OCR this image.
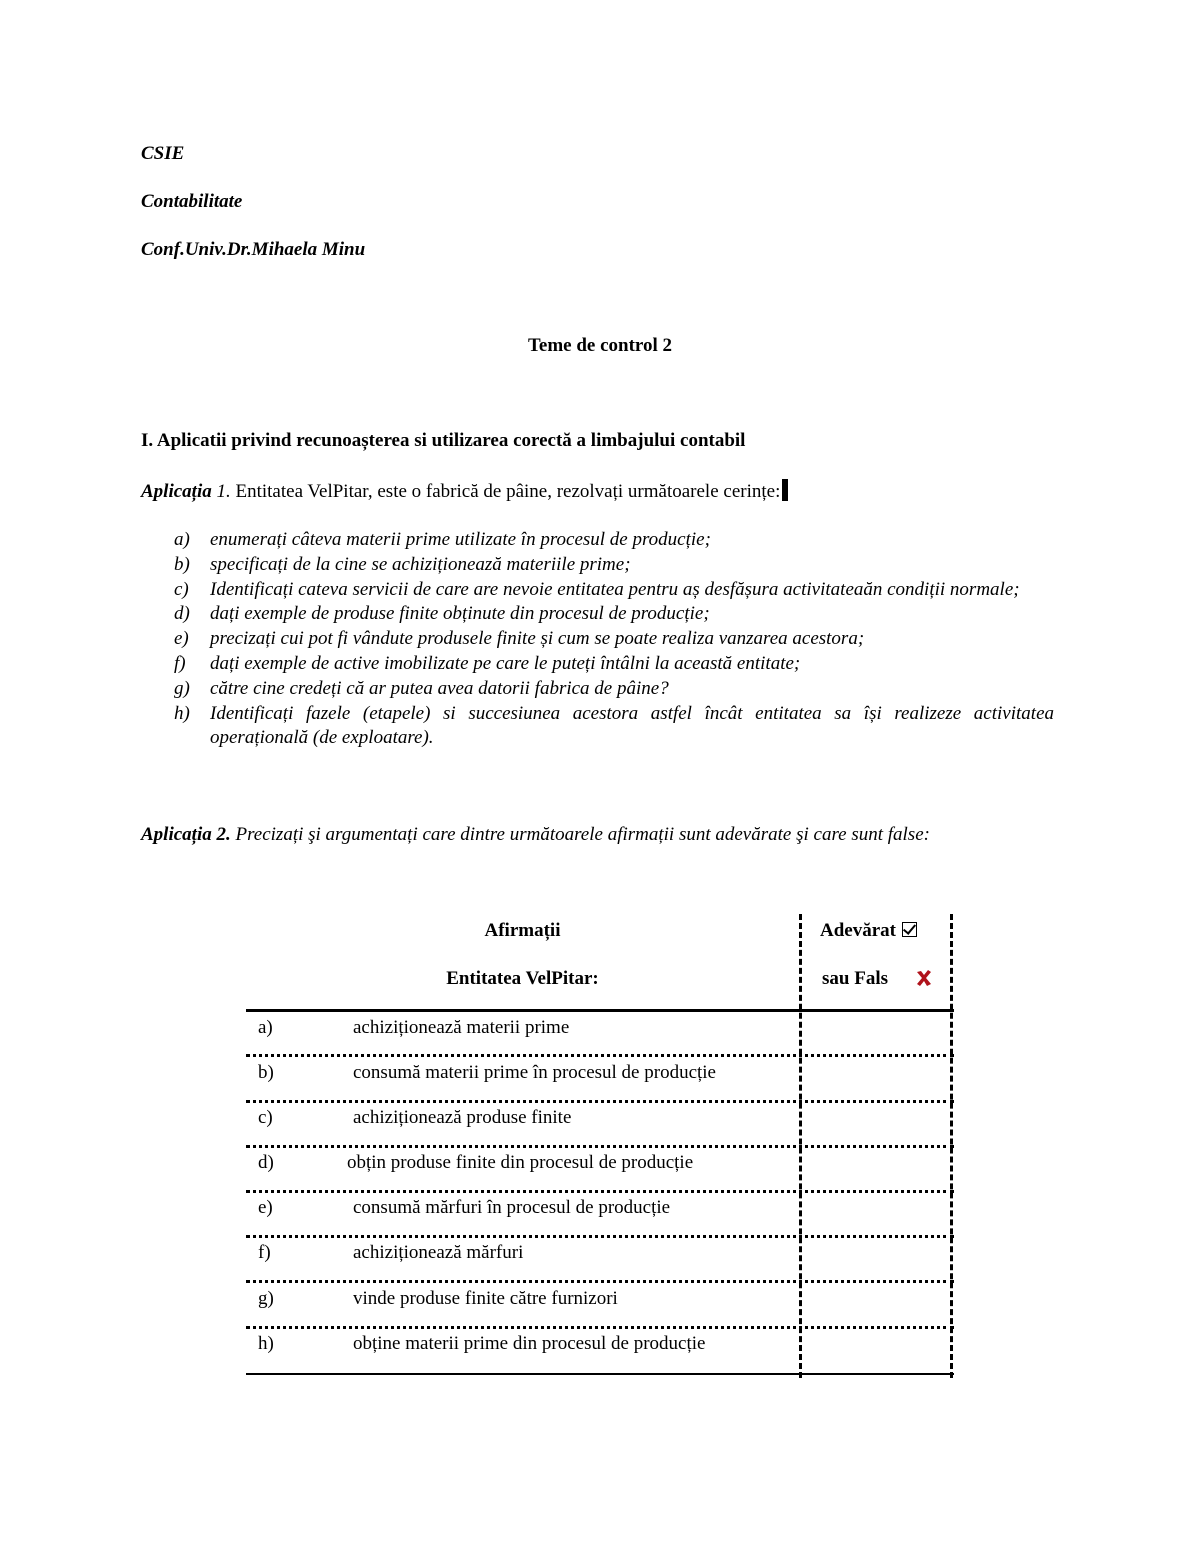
CSIE
Contabilitate
Conf.Univ.Dr.Mihaela Minu
Teme de control 2
I. Aplicatii privind recunoașterea si utilizarea corectă a limbajului contabil
Aplicația 1. Entitatea VelPitar, este o fabrică de pâine, rezolvați următoarele cerințe:
a) enumerați câteva materii prime utilizate în procesul de producție;
b) specificați de la cine se achiziționează materiile prime;
c) Identificați cateva servicii de care are nevoie entitatea pentru aș desfășura activitateaăn condiții normale;
d) dați exemple de produse finite obținute din procesul de producție;
e) precizați cui pot fi vândute produsele finite și cum se poate realiza vanzarea acestora;
f) dați exemple de active imobilizate pe care le puteți întâlni la această entitate;
g) către cine credeți că ar putea avea datorii fabrica de pâine?
h) Identificați fazele (etapele) si succesiunea acestora astfel încât entitatea sa își realizeze activitatea operațională (de exploatare).
Aplicația 2. Precizați şi argumentați care dintre următoarele afirmații sunt adevărate şi care sunt false:
Afirmații
Entitatea VelPitar:
Adevărat
sau Fals
a)	achiziționează materii prime
b)	consumă materii prime în procesul de producție
c)	achiziționează produse finite
d)	obțin produse finite din procesul de producție
e)	consumă mărfuri în procesul de producție
f)	achiziționează mărfuri
g)	vinde produse finite către furnizori
h)	obține materii prime din procesul de producție
